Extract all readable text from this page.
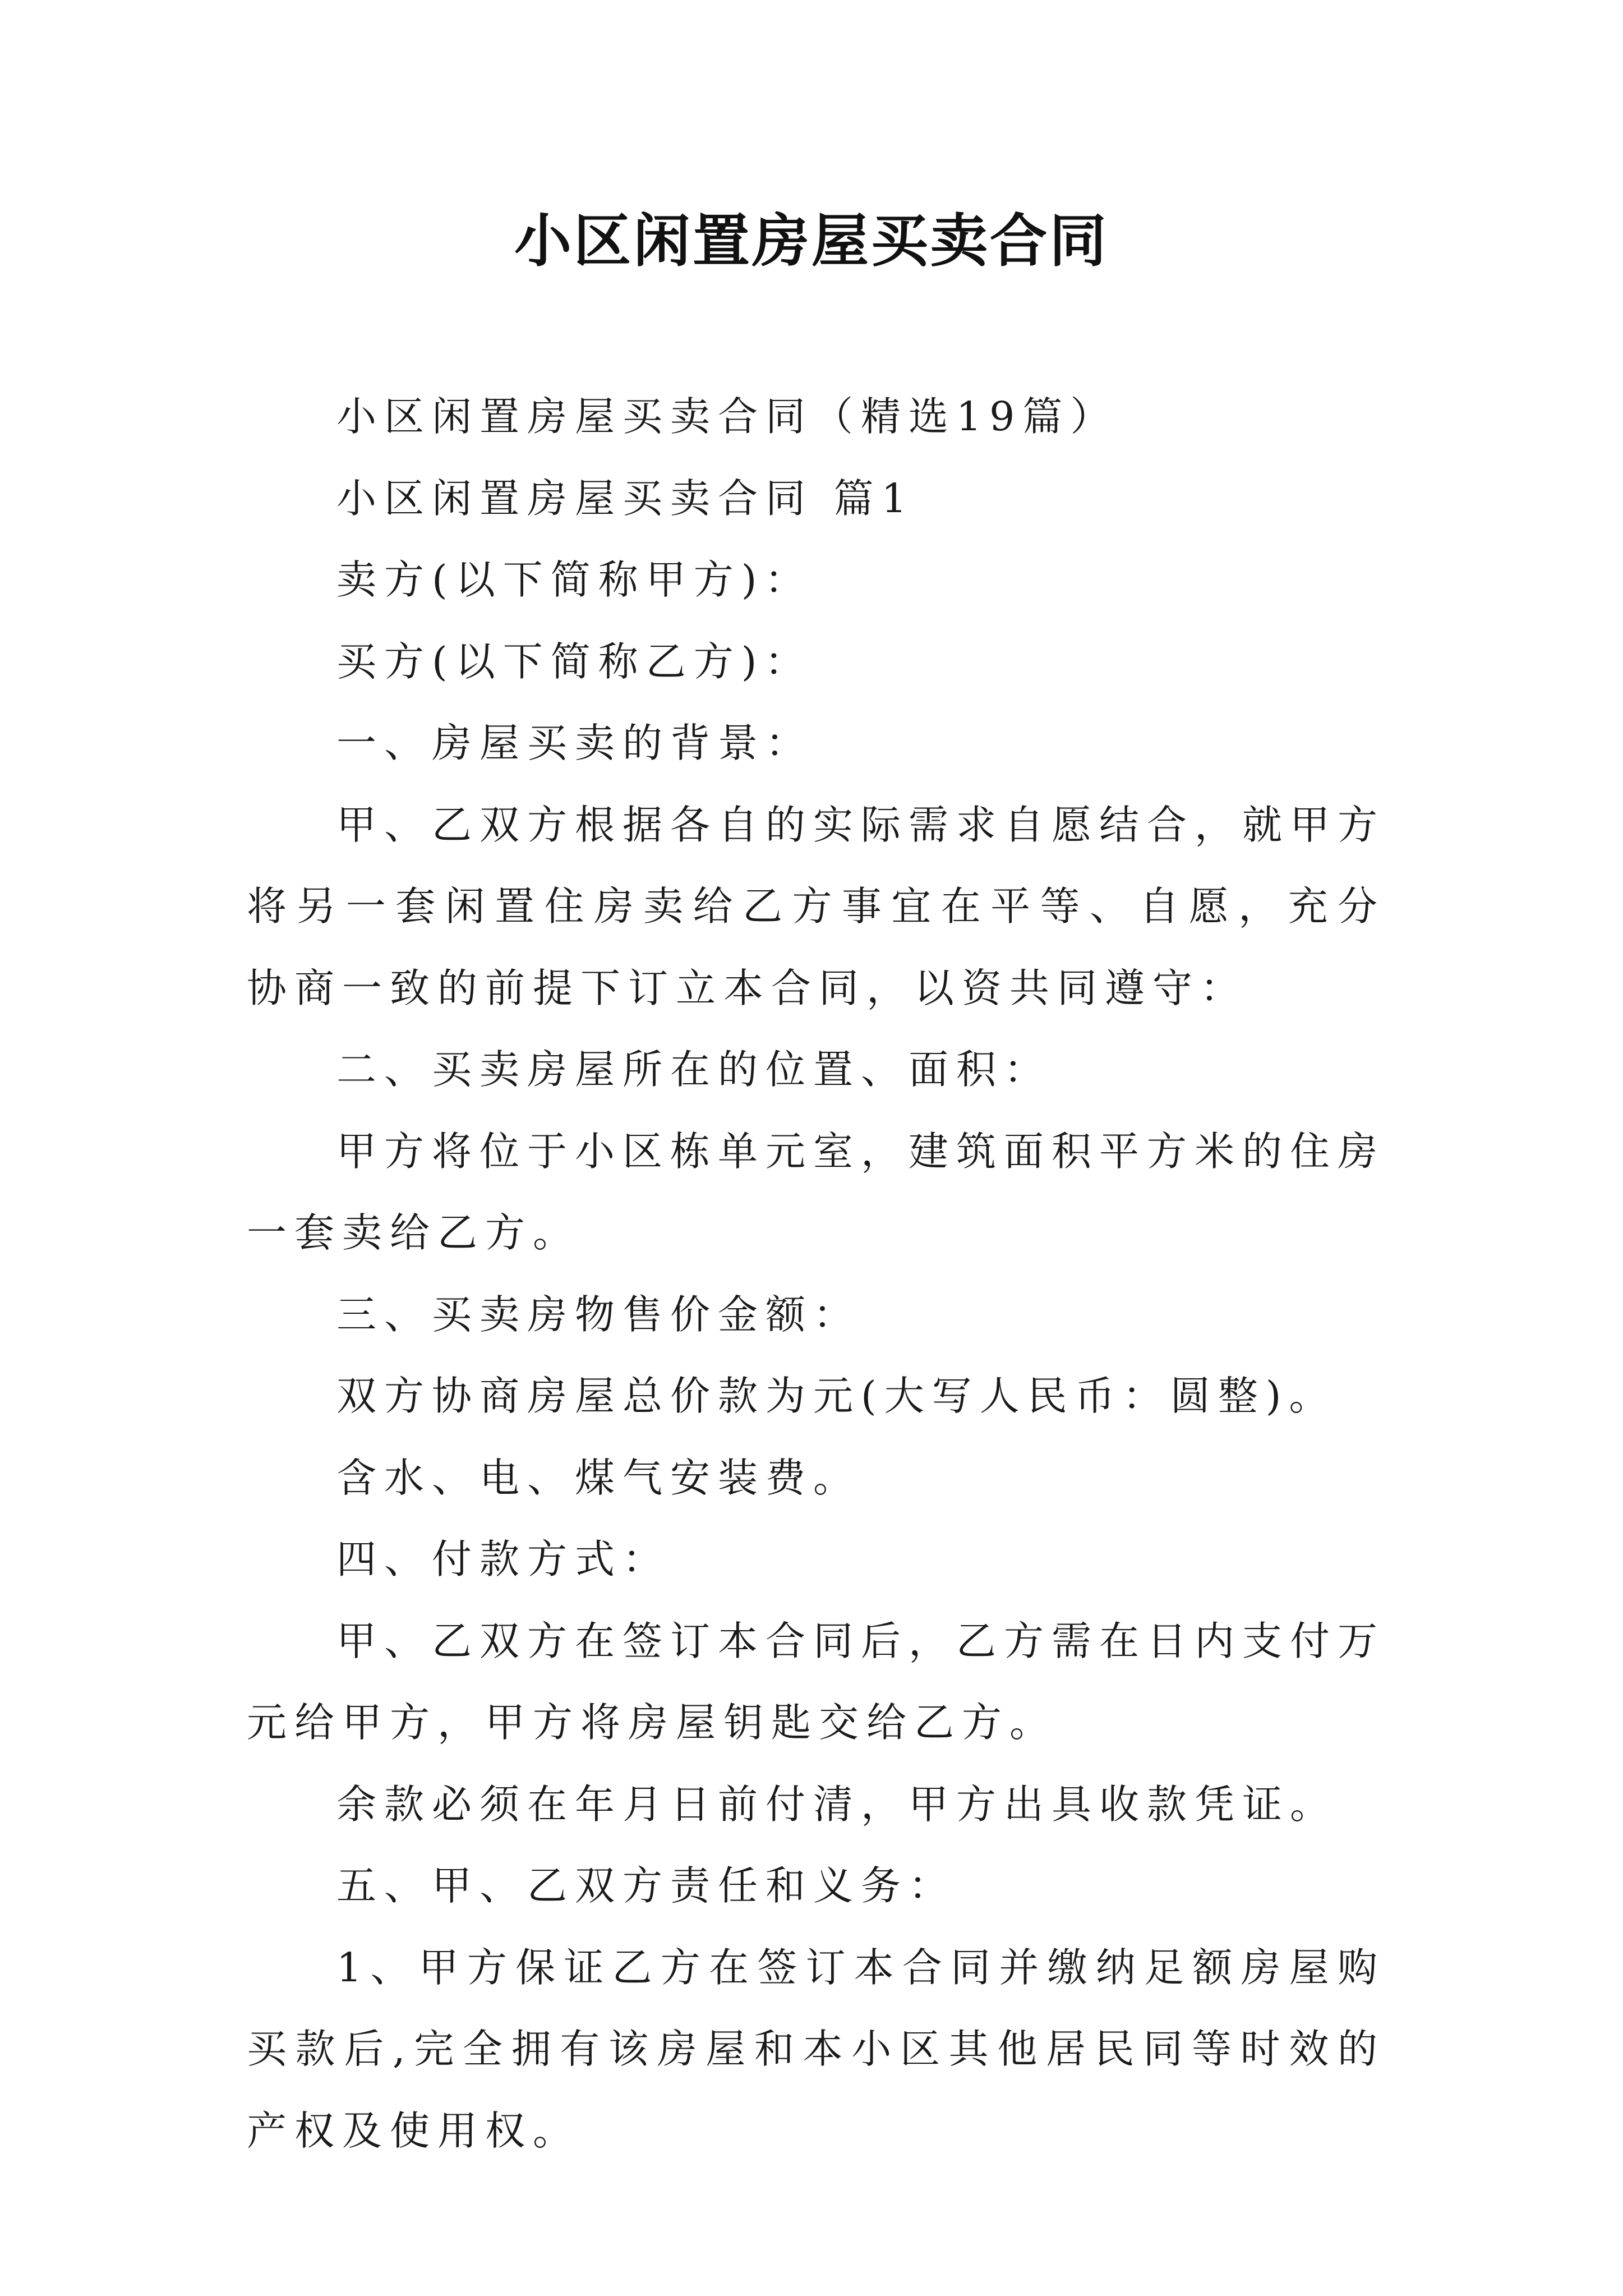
小区闲置房屋买卖合同

小区闲置房屋买卖合同（精选19篇）

小区闲置房屋买卖合同 篇1

卖方(以下简称甲方)：

买方(以下简称乙方)：

一、房屋买卖的背景：

甲、乙双方根据各自的实际需求自愿结合，就甲方将另一套闲置住房卖给乙方事宜在平等、自愿，充分协商一致的前提下订立本合同，以资共同遵守：

二、买卖房屋所在的位置、面积：

甲方将位于小区栋单元室，建筑面积平方米的住房一套卖给乙方。

三、买卖房物售价金额：

双方协商房屋总价款为元(大写人民币：圆整)。

含水、电、煤气安装费。

四、付款方式：

甲、乙双方在签订本合同后，乙方需在日内支付万元给甲方，甲方将房屋钥匙交给乙方。

余款必须在年月日前付清，甲方出具收款凭证。

五、甲、乙双方责任和义务：

1、甲方保证乙方在签订本合同并缴纳足额房屋购买款后,完全拥有该房屋和本小区其他居民同等时效的产权及使用权。
